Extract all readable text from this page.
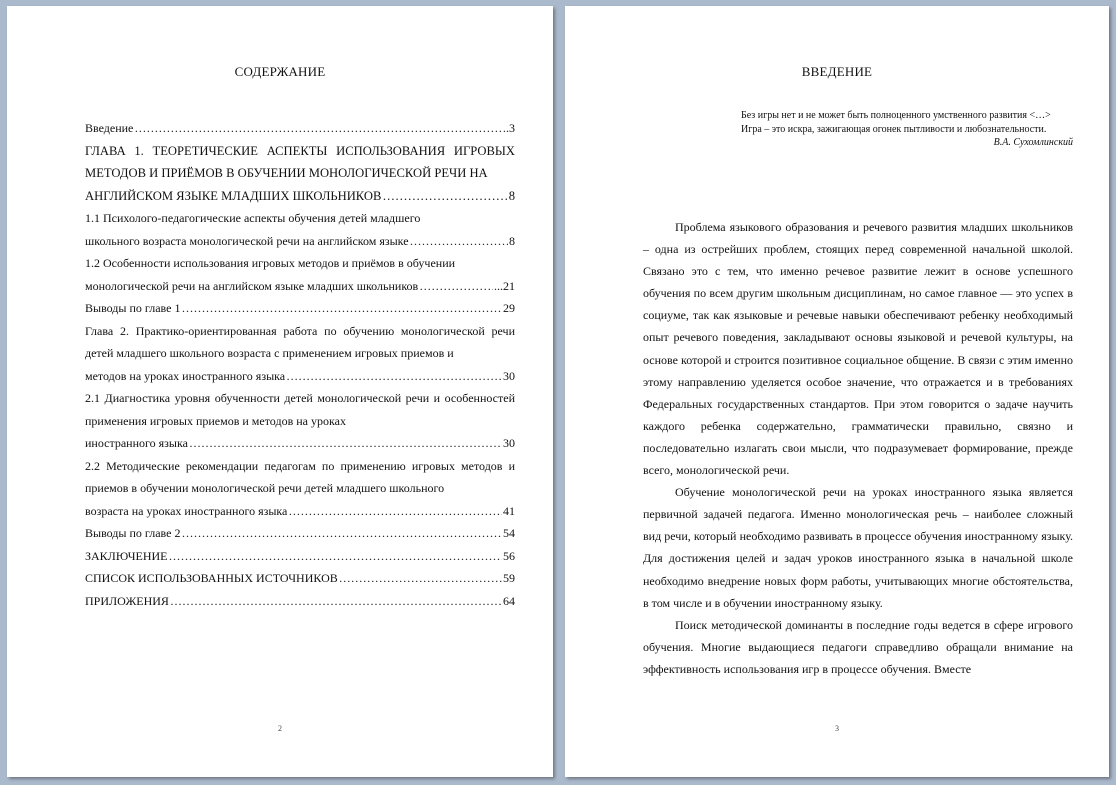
СОДЕРЖАНИЕ
Введение ………………………………………………………………………………………………………………………………………………	.3
ГЛАВА 1. ТЕОРЕТИЧЕСКИЕ АСПЕКТЫ ИСПОЛЬЗОВАНИЯ ИГРОВЫХ МЕТОДОВ И ПРИЁМОВ В ОБУЧЕНИИ МОНОЛОГИЧЕСКОЙ РЕЧИ НА
АНГЛИЙСКОМ ЯЗЫКЕ МЛАДШИХ ШКОЛЬНИКОВ ………………………………………………………………………………………………………………………………………………	8
1.1 Психолого-педагогические аспекты обучения детей младшего
школьного возраста монологической речи на английском языке ………………………………………………………………………………………………………………………………………………	8
1.2 Особенности использования игровых методов и приёмов в обучении
монологической речи на английском языке младших школьников ………………………………………………………………………………………………………………………………………………	...21
Выводы по главе 1 ………………………………………………………………………………………………………………………………………………	29
Глава 2. Практико-ориентированная работа по обучению монологической речи детей младшего школьного возраста с применением игровых приемов и
методов на уроках иностранного языка ………………………………………………………………………………………………………………………………………………	30
2.1 Диагностика уровня обученности детей монологической речи и особенностей применения игровых приемов и методов на уроках
иностранного языка ………………………………………………………………………………………………………………………………………………	30
2.2 Методические рекомендации педагогам по применению игровых методов и приемов в обучении монологической речи детей младшего школьного
возраста на уроках иностранного языка ………………………………………………………………………………………………………………………………………………	41
Выводы по главе 2 ………………………………………………………………………………………………………………………………………………	54
ЗАКЛЮЧЕНИЕ ………………………………………………………………………………………………………………………………………………	56
СПИСОК ИСПОЛЬЗОВАННЫХ ИСТОЧНИКОВ ………………………………………………………………………………………………………………………………………………	59
ПРИЛОЖЕНИЯ ………………………………………………………………………………………………………………………………………………	64
2
ВВЕДЕНИЕ
Без игры нет и не может быть полноценного умственного развития <…>
Игра – это искра, зажигающая огонек пытливости и любознательности.
В.А. Сухомлинский

Проблема языкового образования и речевого развития младших школьников – одна из острейших проблем, стоящих перед современной начальной школой. Связано это с тем, что именно речевое развитие лежит в основе успешного обучения по всем другим школьным дисциплинам, но самое главное — это успех в социуме, так как языковые и речевые навыки обеспечивают ребенку необходимый опыт речевого поведения, закладывают основы языковой и речевой культуры, на основе которой и строится позитивное социальное общение. В связи с этим именно этому направлению уделяется особое значение, что отражается и в требованиях Федеральных государственных стандартов. При этом говорится о задаче научить каждого ребенка содержательно, грамматически правильно, связно и последовательно излагать свои мысли, что подразумевает формирование, прежде всего, монологической речи.

Обучение монологической речи на уроках иностранного языка является первичной задачей педагога. Именно монологическая речь – наиболее сложный вид речи, который необходимо развивать в процессе обучения иностранному языку. Для достижения целей и задач уроков иностранного языка в начальной школе необходимо внедрение новых форм работы, учитывающих многие обстоятельства, в том числе и в обучении иностранному языку.

Поиск методической доминанты в последние годы ведется в сфере игрового обучения. Многие выдающиеся педагоги справедливо обращали внимание на эффективность использования игр в процессе обучения. Вместе

3
